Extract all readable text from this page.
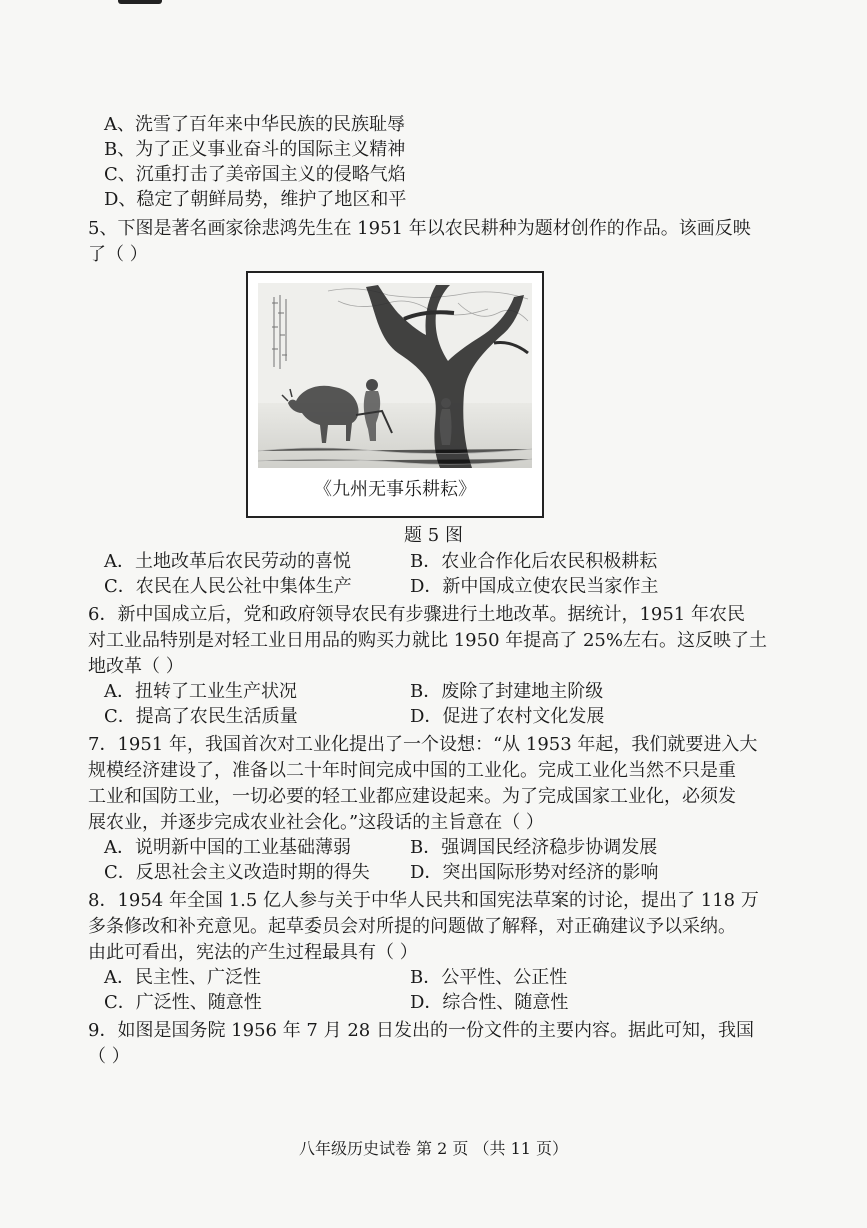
A、洗雪了百年来中华民族的民族耻辱
B、为了正义事业奋斗的国际主义精神
C、沉重打击了美帝国主义的侵略气焰
D、稳定了朝鲜局势，维护了地区和平
5、下图是著名画家徐悲鸿先生在 1951 年以农民耕种为题材创作的作品。该画反映
了（ ）
《九州无事乐耕耘》
题 5 图
A．土地改革后农民劳动的喜悦	B．农业合作化后农民积极耕耘
C．农民在人民公社中集体生产	D．新中国成立使农民当家作主
6．新中国成立后，党和政府领导农民有步骤进行土地改革。据统计，1951 年农民
对工业品特别是对轻工业日用品的购买力就比 1950 年提高了 25%左右。这反映了土
地改革（ ）
A．扭转了工业生产状况	B．废除了封建地主阶级
C．提高了农民生活质量	D．促进了农村文化发展
7．1951 年，我国首次对工业化提出了一个设想：“从 1953 年起，我们就要进入大
规模经济建设了，准备以二十年时间完成中国的工业化。完成工业化当然不只是重
工业和国防工业，一切必要的轻工业都应建设起来。为了完成国家工业化，必须发
展农业，并逐步完成农业社会化。”这段话的主旨意在（ ）
A．说明新中国的工业基础薄弱	B．强调国民经济稳步协调发展
C．反思社会主义改造时期的得失 D．突出国际形势对经济的影响
8．1954 年全国 1.5 亿人参与关于中华人民共和国宪法草案的讨论，提出了 118 万
多条修改和补充意见。起草委员会对所提的问题做了解释，对正确建议予以采纳。
由此可看出，宪法的产生过程最具有（ ）
A．民主性、广泛性	B．公平性、公正性
C．广泛性、随意性	D．综合性、随意性
9．如图是国务院 1956 年 7 月 28 日发出的一份文件的主要内容。据此可知，我国
（ ）
八年级历史试卷 第 2 页 （共 11 页）
